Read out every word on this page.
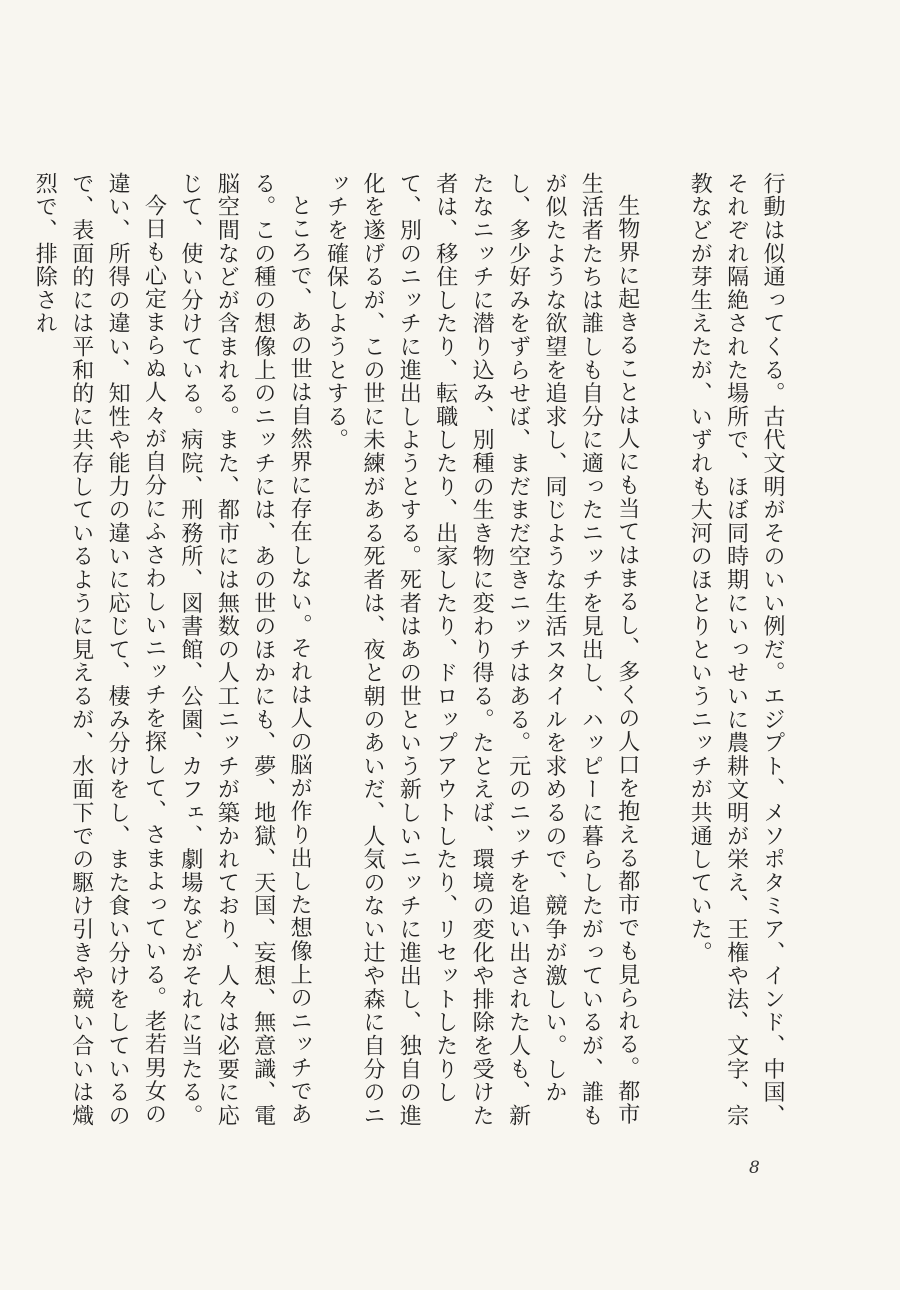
行動は似通ってくる。古代文明がそのいい例だ。エジプト、メソポタミア、インド、中国、それぞれ隔絶された場所で、ほぼ同時期にいっせいに農耕文明が栄え、王権や法、文字、宗教などが芽生えたが、いずれも大河のほとりというニッチが共通していた。

生物界に起きることは人にも当てはまるし、多くの人口を抱える都市でも見られる。都市生活者たちは誰しも自分に適ったニッチを見出し、ハッピーに暮らしたがっているが、誰もが似たような欲望を追求し、同じような生活スタイルを求めるので、競争が激しい。しかし、多少好みをずらせば、まだまだ空きニッチはある。元のニッチを追い出された人も、新たなニッチに潜り込み、別種の生き物に変わり得る。たとえば、環境の変化や排除を受けた者は、移住したり、転職したり、出家したり、ドロップアウトしたり、リセットしたりして、別のニッチに進出しようとする。死者はあの世という新しいニッチに進出し、独自の進化を遂げるが、この世に未練がある死者は、夜と朝のあいだ、人気のない辻や森に自分のニッチを確保しようとする。

ところで、あの世は自然界に存在しない。それは人の脳が作り出した想像上のニッチである。この種の想像上のニッチには、あの世のほかにも、夢、地獄、天国、妄想、無意識、電脳空間などが含まれる。また、都市には無数の人工ニッチが築かれており、人々は必要に応じて、使い分けている。病院、刑務所、図書館、公園、カフェ、劇場などがそれに当たる。

今日も心定まらぬ人々が自分にふさわしいニッチを探して、さまよっている。老若男女の違い、所得の違い、知性や能力の違いに応じて、棲み分けをし、また食い分けをしているので、表面的には平和的に共存しているように見えるが、水面下での駆け引きや競い合いは熾烈で、排除され

8
